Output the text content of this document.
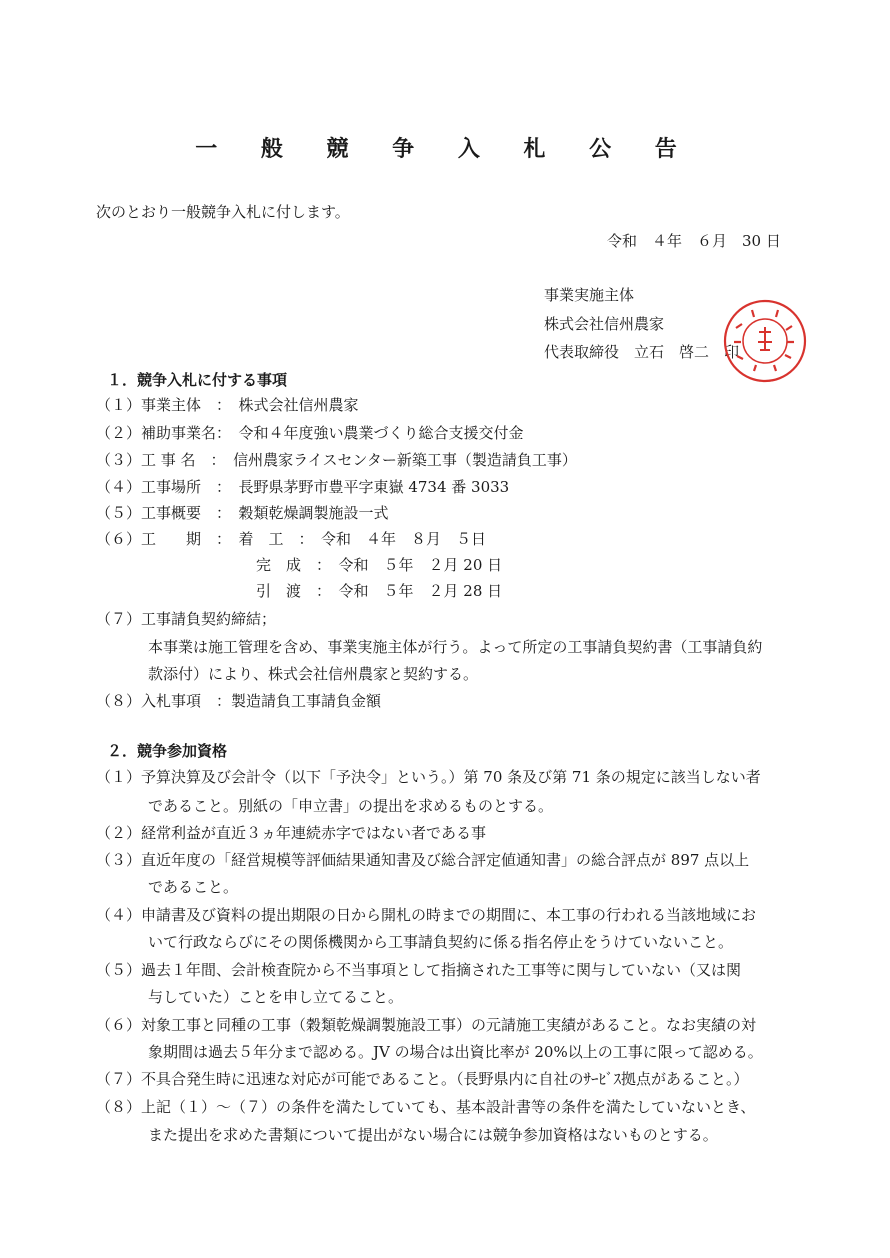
一 般 競 争 入 札 公 告
次のとおり一般競争入札に付します。
令和　４年　６月　30 日
事業実施主体
株式会社信州農家
代表取締役　立石　啓二　印
１．競争入札に付する事項
（１）事業主体　：　 株式会社信州農家
（２）補助事業名：　 令和４年度強い農業づくり総合支援交付金
（３）工 事 名　：　 信州農家ライスセンター新築工事（製造請負工事）
（４）工事場所　：　 長野県茅野市豊平字東嶽 4734 番 3033
（５）工事概要　：　 穀類乾燥調製施設一式
（６）工　　期　：　 着　工　：　令和　４年　８月　５日
完　成　：　令和　５年　２月 20 日
引　渡　：　令和　５年　２月 28 日
（７）工事請負契約締結；
本事業は施工管理を含め、事業実施主体が行う。よって所定の工事請負契約書（工事請負約
款添付）により、株式会社信州農家と契約する。
（８）入札事項　：製造請負工事請負金額
２．競争参加資格
（１）予算決算及び会計令（以下「予決令」という。）第 70 条及び第 71 条の規定に該当しない者
であること。別紙の「申立書」の提出を求めるものとする。
（２）経常利益が直近３ヵ年連続赤字ではない者である事
（３）直近年度の「経営規模等評価結果通知書及び総合評定値通知書」の総合評点が 897 点以上
であること。
（４）申請書及び資料の提出期限の日から開札の時までの期間に、本工事の行われる当該地域にお
いて行政ならびにその関係機関から工事請負契約に係る指名停止をうけていないこと。
（５）過去１年間、会計検査院から不当事項として指摘された工事等に関与していない（又は関
与していた）ことを申し立てること。
（６）対象工事と同種の工事（穀類乾燥調製施設工事）の元請施工実績があること。なお実績の対
象期間は過去５年分まで認める。JV の場合は出資比率が 20%以上の工事に限って認める。
（７）不具合発生時に迅速な対応が可能であること。（長野県内に自社のｻｰﾋﾞｽ拠点があること。）
（８）上記（１）～（７）の条件を満たしていても、基本設計書等の条件を満たしていないとき、
また提出を求めた書類について提出がない場合には競争参加資格はないものとする。
